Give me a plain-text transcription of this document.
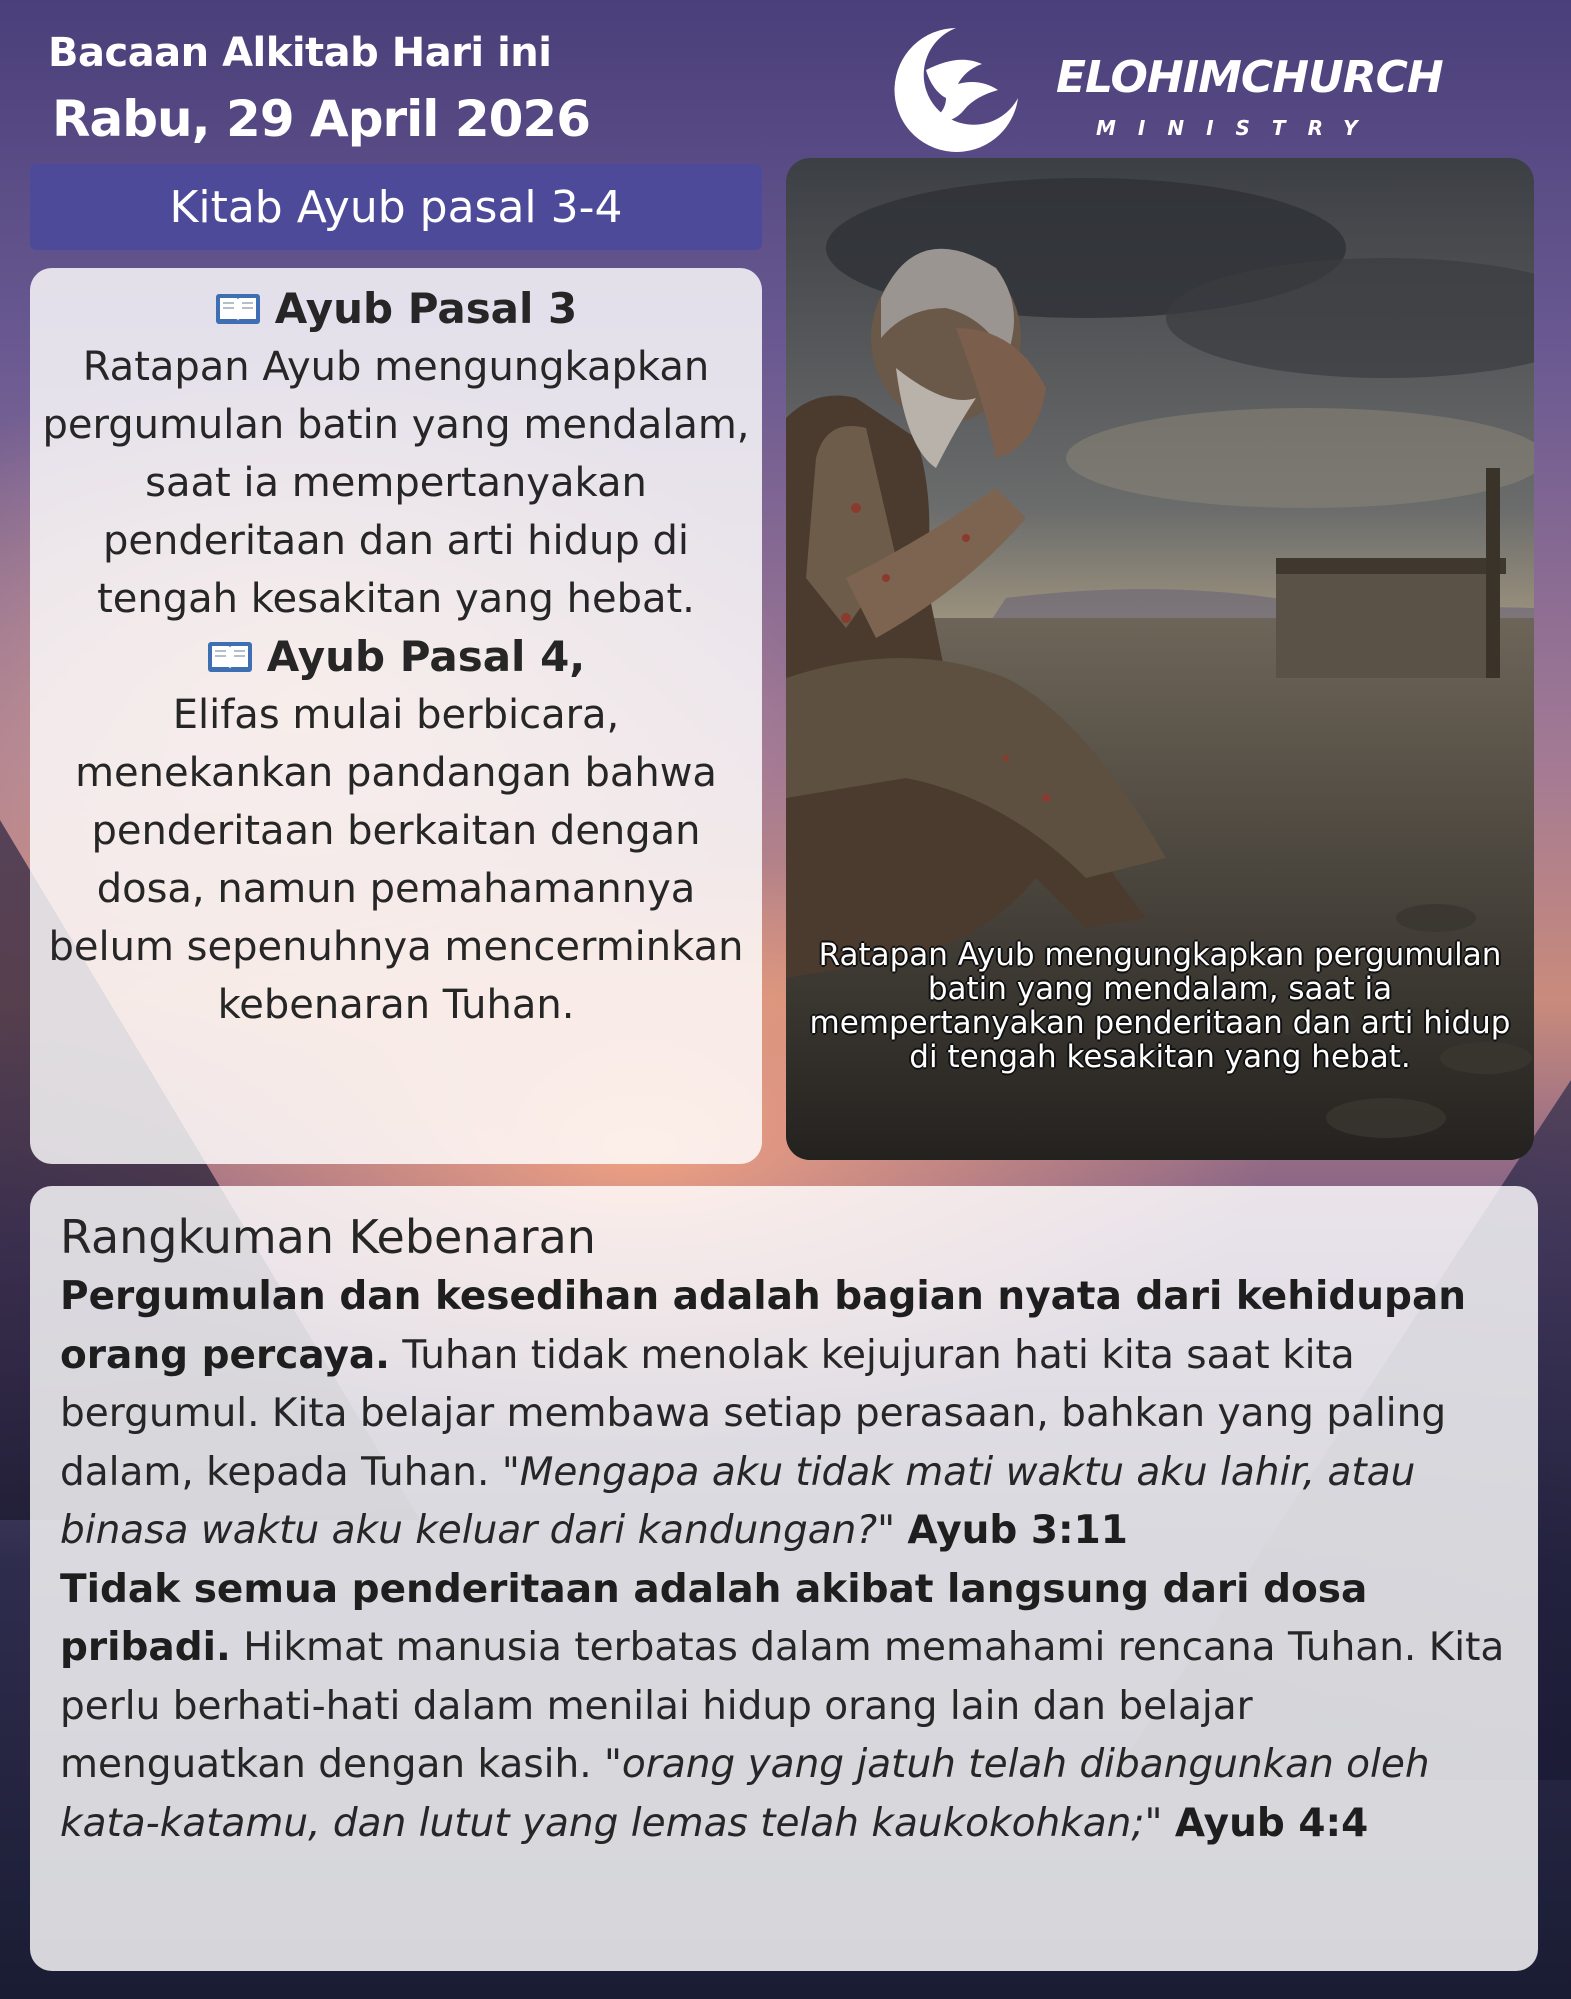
Bacaan Alkitab Hari ini
Rabu, 29 April 2026
ELOHIMCHURCH
MINISTRY
Kitab Ayub pasal 3-4
Ayub Pasal 3
Ratapan Ayub mengungkapkan pergumulan batin yang mendalam, saat ia mempertanyakan penderitaan dan arti hidup di tengah kesakitan yang hebat.
Ayub Pasal 4,
Elifas mulai berbicara, menekankan pandangan bahwa penderitaan berkaitan dengan dosa, namun pemahamannya belum sepenuhnya mencerminkan kebenaran Tuhan.
Ratapan Ayub mengungkapkan pergumulan batin yang mendalam, saat ia mempertanyakan penderitaan dan arti hidup di tengah kesakitan yang hebat.
Rangkuman Kebenaran
Pergumulan dan kesedihan adalah bagian nyata dari kehidupan orang percaya. Tuhan tidak menolak kejujuran hati kita saat kita bergumul. Kita belajar membawa setiap perasaan, bahkan yang paling dalam, kepada Tuhan. "Mengapa aku tidak mati waktu aku lahir, atau binasa waktu aku keluar dari kandungan?" Ayub 3:11
Tidak semua penderitaan adalah akibat langsung dari dosa pribadi. Hikmat manusia terbatas dalam memahami rencana Tuhan. Kita perlu berhati-hati dalam menilai hidup orang lain dan belajar menguatkan dengan kasih. "orang yang jatuh telah dibangunkan oleh kata-katamu, dan lutut yang lemas telah kaukokohkan;" Ayub 4:4
